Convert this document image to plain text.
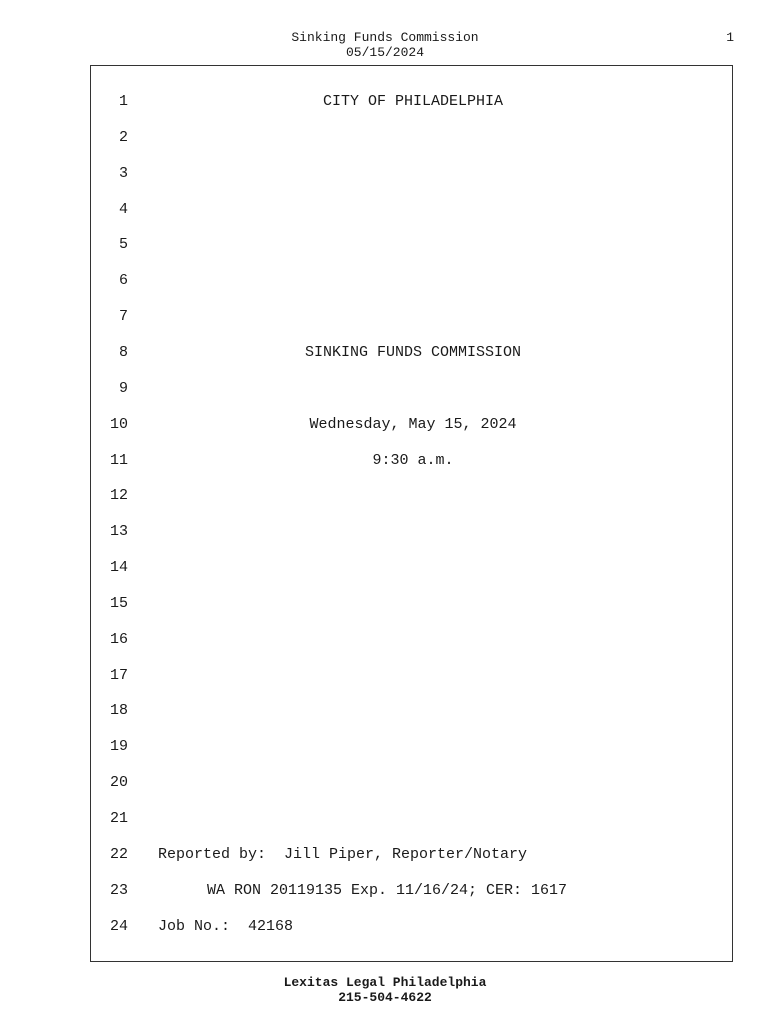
Sinking Funds Commission
05/15/2024
1
1	CITY OF PHILADELPHIA
2
3
4
5
6
7
8	SINKING FUNDS COMMISSION
9
10	Wednesday, May 15, 2024
11	9:30 a.m.
12
13
14
15
16
17
18
19
20
21
22 Reported by:  Jill Piper, Reporter/Notary
23	WA RON 20119135 Exp. 11/16/24; CER: 1617
24 Job No.:  42168
Lexitas Legal Philadelphia
215-504-4622
